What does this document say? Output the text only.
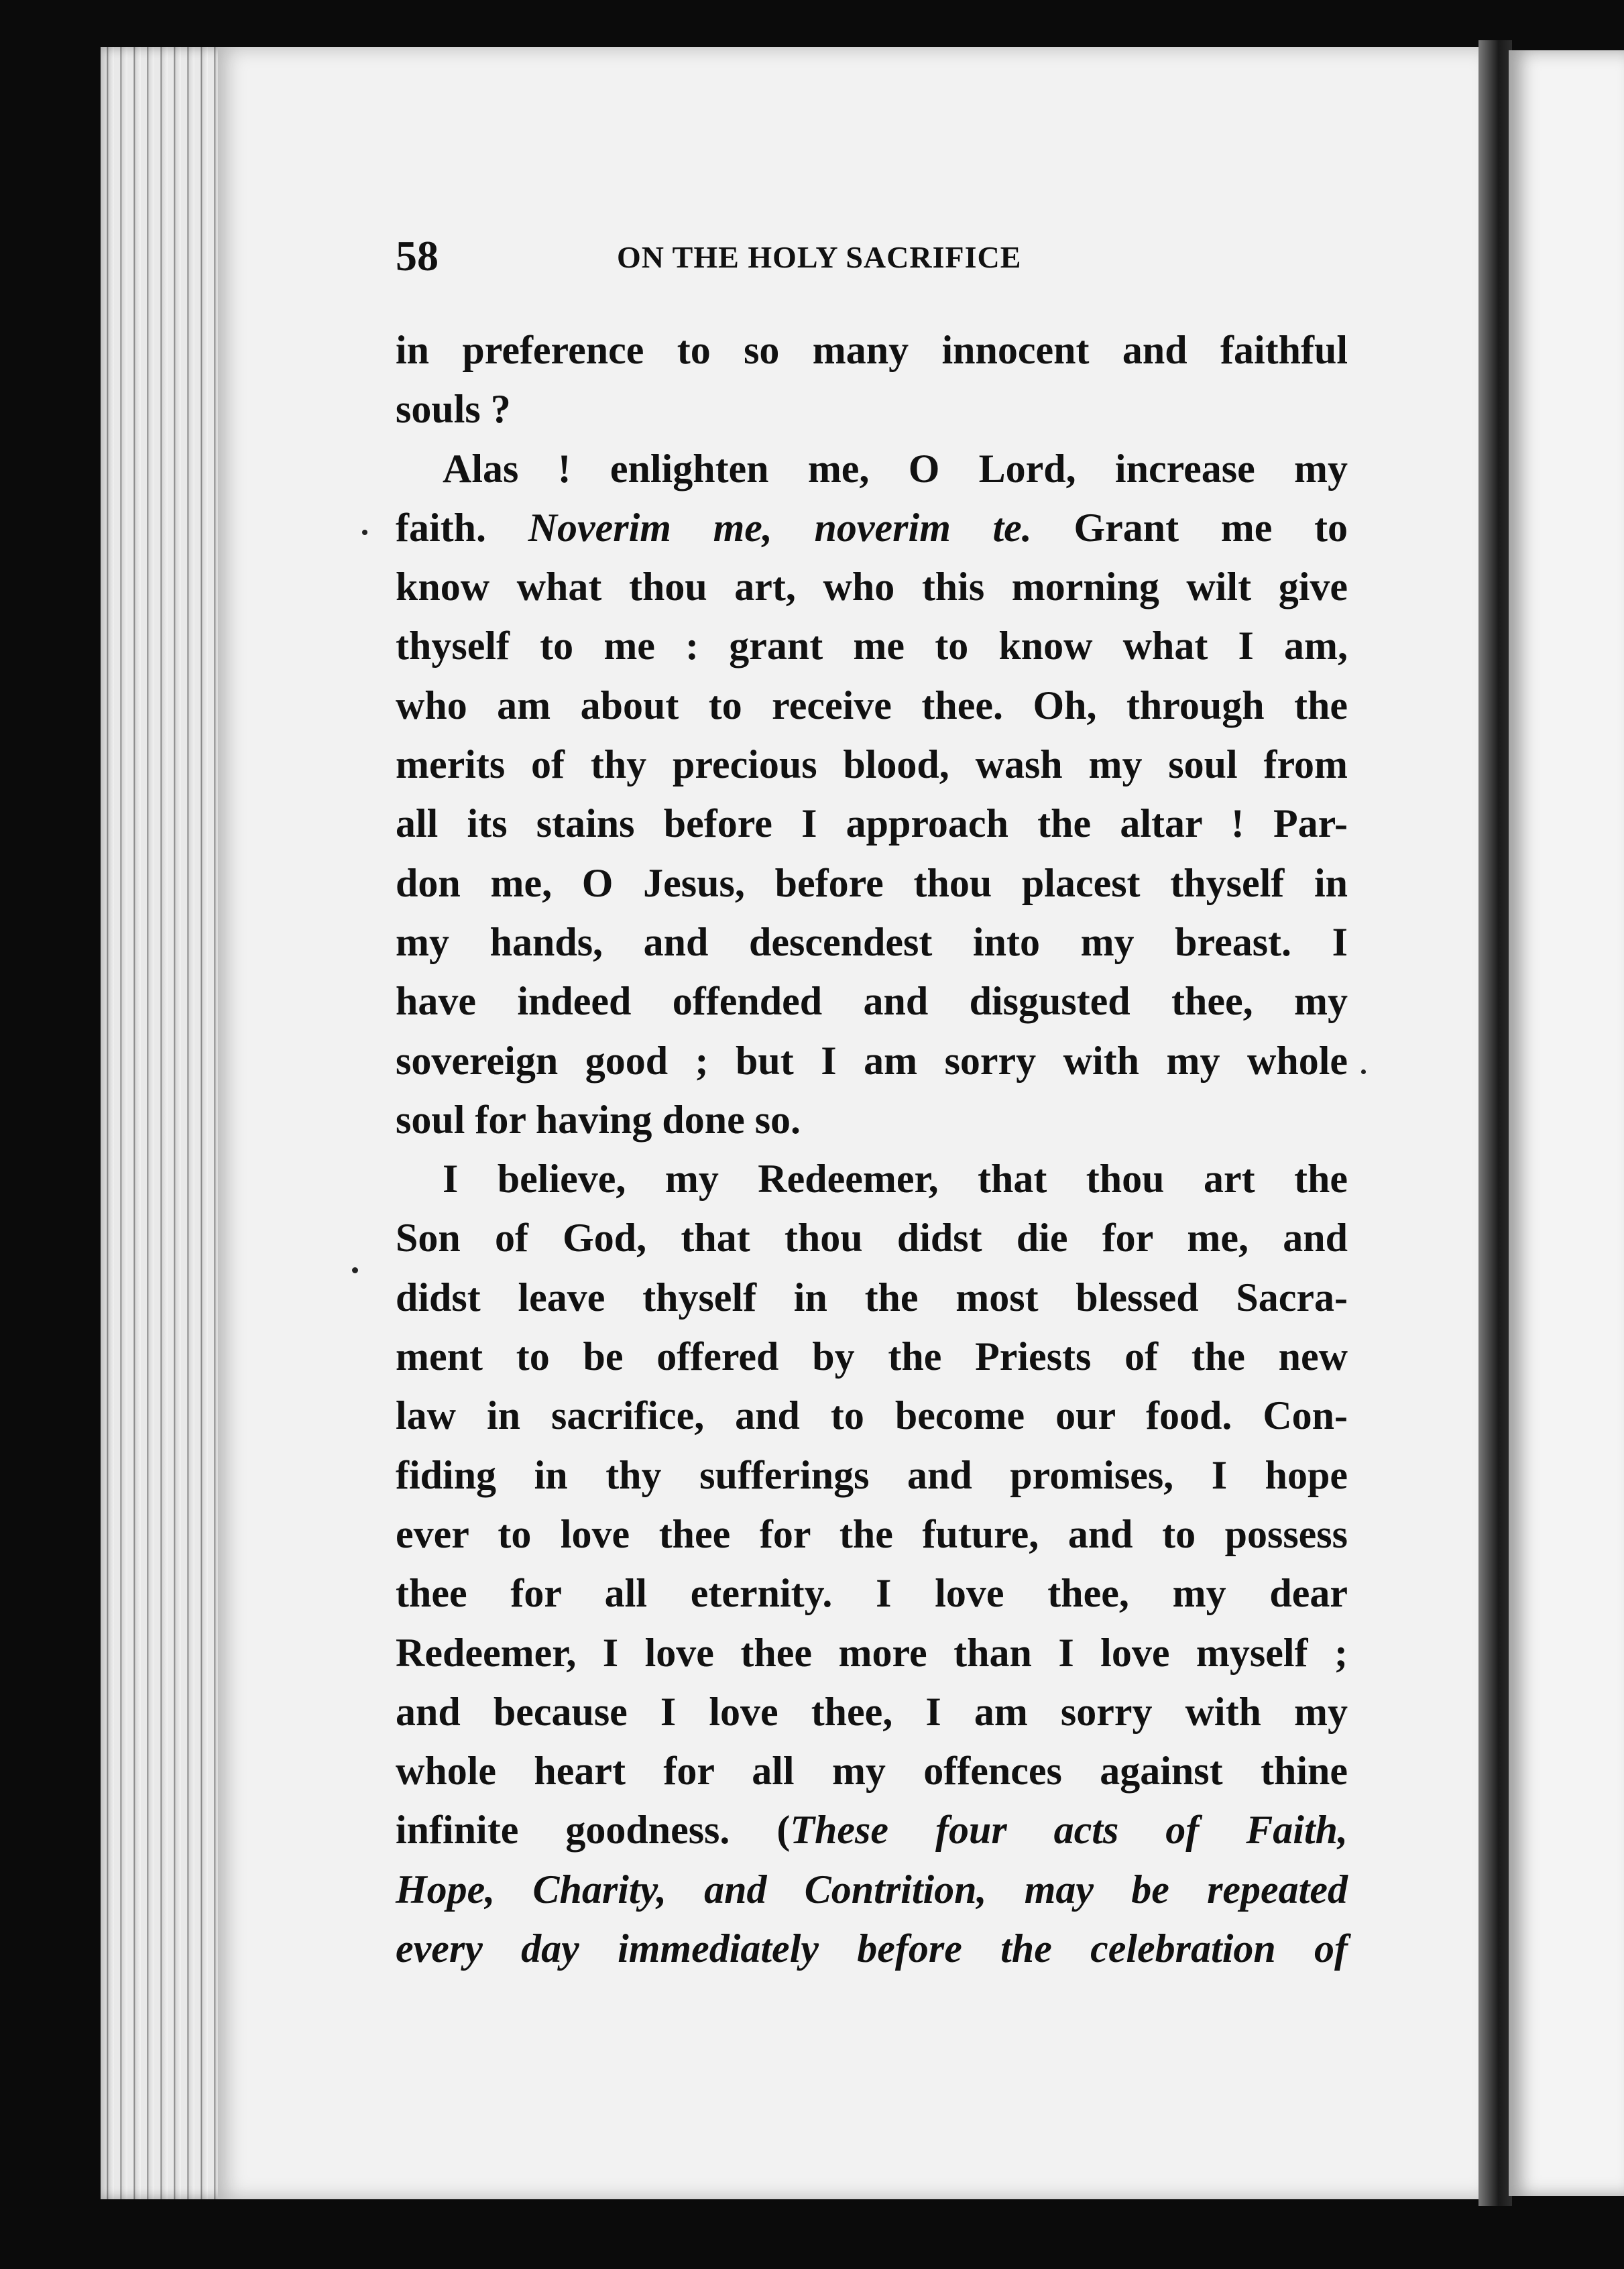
58	ON THE HOLY SACRIFICE
in preference to so many innocent and faithful
souls ?
Alas ! enlighten me, O Lord, increase my
faith. Noverim me, noverim te. Grant me to
know what thou art, who this morning wilt give
thyself to me : grant me to know what I am,
who am about to receive thee. Oh, through the
merits of thy precious blood, wash my soul from
all its stains before I approach the altar ! Par-
don me, O Jesus, before thou placest thyself in
my hands, and descendest into my breast. I
have indeed offended and disgusted thee, my
sovereign good ; but I am sorry with my whole
soul for having done so.
I believe, my Redeemer, that thou art the
Son of God, that thou didst die for me, and
didst leave thyself in the most blessed Sacra-
ment to be offered by the Priests of the new
law in sacrifice, and to become our food. Con-
fiding in thy sufferings and promises, I hope
ever to love thee for the future, and to possess
thee for all eternity. I love thee, my dear
Redeemer, I love thee more than I love myself ;
and because I love thee, I am sorry with my
whole heart for all my offences against thine
infinite goodness. (These four acts of Faith,
Hope, Charity, and Contrition, may be repeated
every day immediately before the celebration of
